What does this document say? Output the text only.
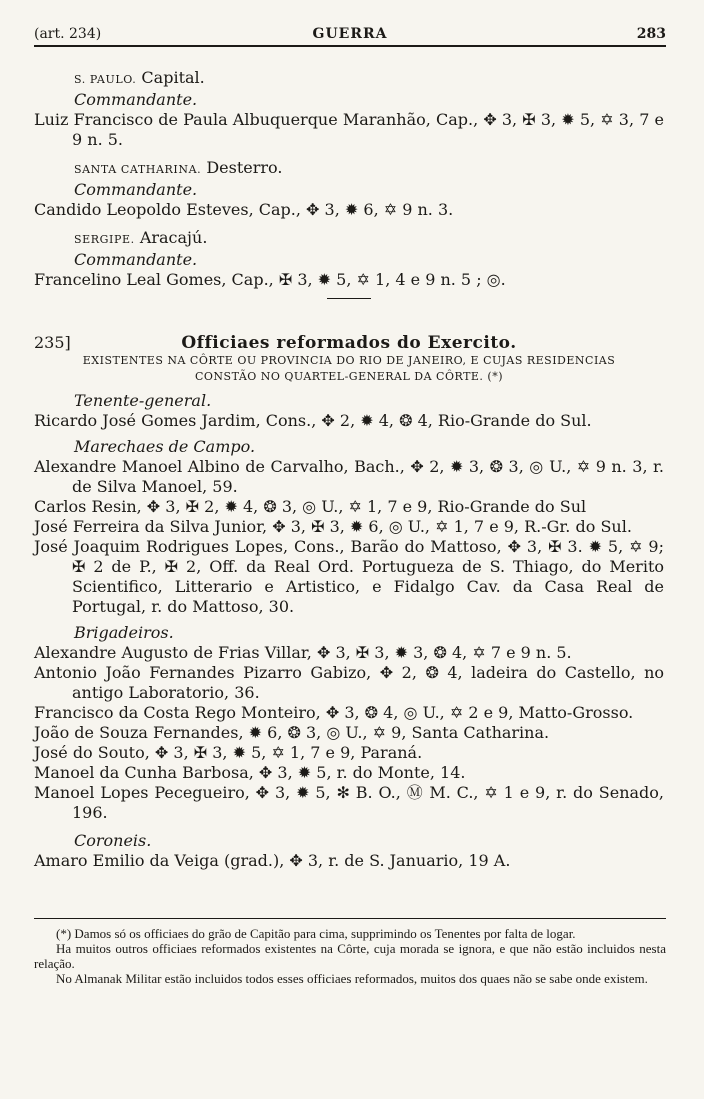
(art. 234)	GUERRA	283

S. PAULO. Capital.

Commandante.

Luiz Francisco de Paula Albuquerque Maranhão, Cap., ✥ 3, ✠ 3, ✹ 5, ✡ 3, 7 e 9 n. 5.

SANTA CATHARINA. Desterro.

Commandante.

Candido Leopoldo Esteves, Cap., ✥ 3, ✹ 6, ✡ 9 n. 3.

SERGIPE. Aracajú.

Commandante.

Francelino Leal Gomes, Cap., ✠ 3, ✹ 5, ✡ 1, 4 e 9 n. 5 ; ◎.

235]	Officiaes reformados do Exercito.
EXISTENTES NA CÔRTE OU PROVINCIA DO RIO DE JANEIRO, E CUJAS RESIDENCIAS
CONSTÃO NO QUARTEL-GENERAL DA CÔRTE. (*)

Tenente-general.

Ricardo José Gomes Jardim, Cons., ✥ 2, ✹ 4, ❂ 4, Rio-Grande do Sul.

Marechaes de Campo.

Alexandre Manoel Albino de Carvalho, Bach., ✥ 2, ✹ 3, ❂ 3, ◎ U., ✡ 9 n. 3, r. de Silva Manoel, 59.

Carlos Resin, ✥ 3, ✠ 2, ✹ 4, ❂ 3, ◎ U., ✡ 1, 7 e 9, Rio-Grande do Sul

José Ferreira da Silva Junior, ✥ 3, ✠ 3, ✹ 6, ◎ U., ✡ 1, 7 e 9, R.-Gr. do Sul.

José Joaquim Rodrigues Lopes, Cons., Barão do Mattoso, ✥ 3, ✠ 3. ✹ 5, ✡ 9; ✠ 2 de P., ✠ 2, Off. da Real Ord. Portugueza de S. Thiago, do Merito Scientifico, Litterario e Artistico, e Fidalgo Cav. da Casa Real de Portugal, r. do Mattoso, 30.

Brigadeiros.

Alexandre Augusto de Frias Villar, ✥ 3, ✠ 3, ✹ 3, ❂ 4, ✡ 7 e 9 n. 5.

Antonio João Fernandes Pizarro Gabizo, ✥ 2, ❂ 4, ladeira do Castello, no antigo Laboratorio, 36.

Francisco da Costa Rego Monteiro, ✥ 3, ❂ 4, ◎ U., ✡ 2 e 9, Matto-Grosso.

João de Souza Fernandes, ✹ 6, ❂ 3, ◎ U., ✡ 9, Santa Catharina.

José do Souto, ✥ 3, ✠ 3, ✹ 5, ✡ 1, 7 e 9, Paraná.

Manoel da Cunha Barbosa, ✥ 3, ✹ 5, r. do Monte, 14.

Manoel Lopes Pecegueiro, ✥ 3, ✹ 5, ✻ B. O., Ⓜ M. C., ✡ 1 e 9, r. do Senado, 196.

Coroneis.

Amaro Emilio da Veiga (grad.), ✥ 3, r. de S. Januario, 19 A.

(*) Damos só os officiaes do grão de Capitão para cima, supprimindo os Tenentes por falta de logar.

Ha muitos outros officiaes reformados existentes na Côrte, cuja morada se ignora, e que não estão incluidos nesta relação.

No Almanak Militar estão incluidos todos esses officiaes reformados, muitos dos quaes não se sabe onde existem.
